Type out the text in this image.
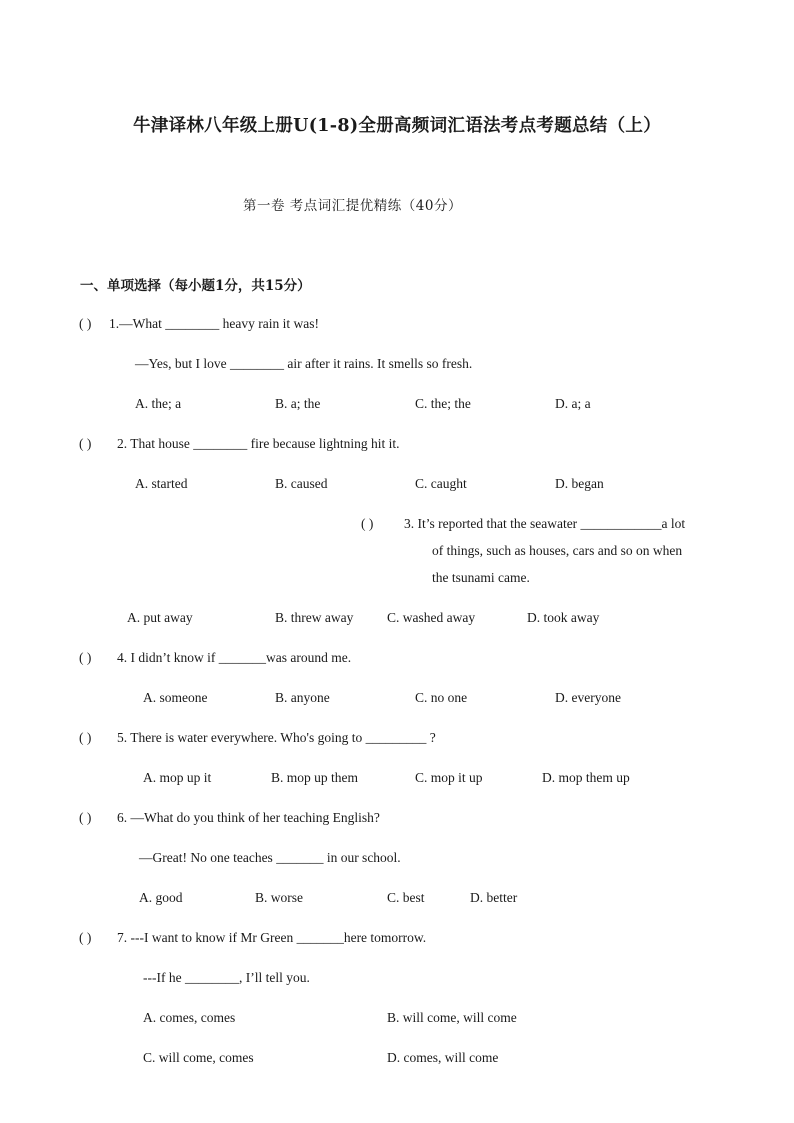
牛津译林八年级上册U(1-8)全册高频词汇语法考点考题总结（上）
第一卷 考点词汇提优精练（40分）
一、单项选择（每小题1分，共15分）
( ) 1.—What ________ heavy rain it was!
—Yes, but I love ________ air after it rains. It smells so fresh.
A. the; a	B. a; the	C. the; the	D. a; a
( ) 2. That house ________ fire because lightning hit it.
A. started	B. caused	C. caught	D. began
( ) 3. It’s reported that the seawater ____________a lot
of things, such as houses, cars and so on when
the tsunami came.
A. put away	B. threw away C. washed away	D. took away
( ) 4. I didn’t know if _______was around me.
A. someone	B. anyone	C. no one	D. everyone
( ) 5. There is water everywhere. Who's going to _________ ?
A. mop up it	B. mop up them	C. mop it up	D. mop them up
( ) 6. —What do you think of her teaching English?
—Great! No one teaches _______ in our school.
A. good	B. worse	C. best	D. better
( ) 7. ---I want to know if Mr Green _______here tomorrow.
---If he ________, I’ll tell you.
A. comes, comes	B. will come, will come
C. will come, comes	D. comes, will come
